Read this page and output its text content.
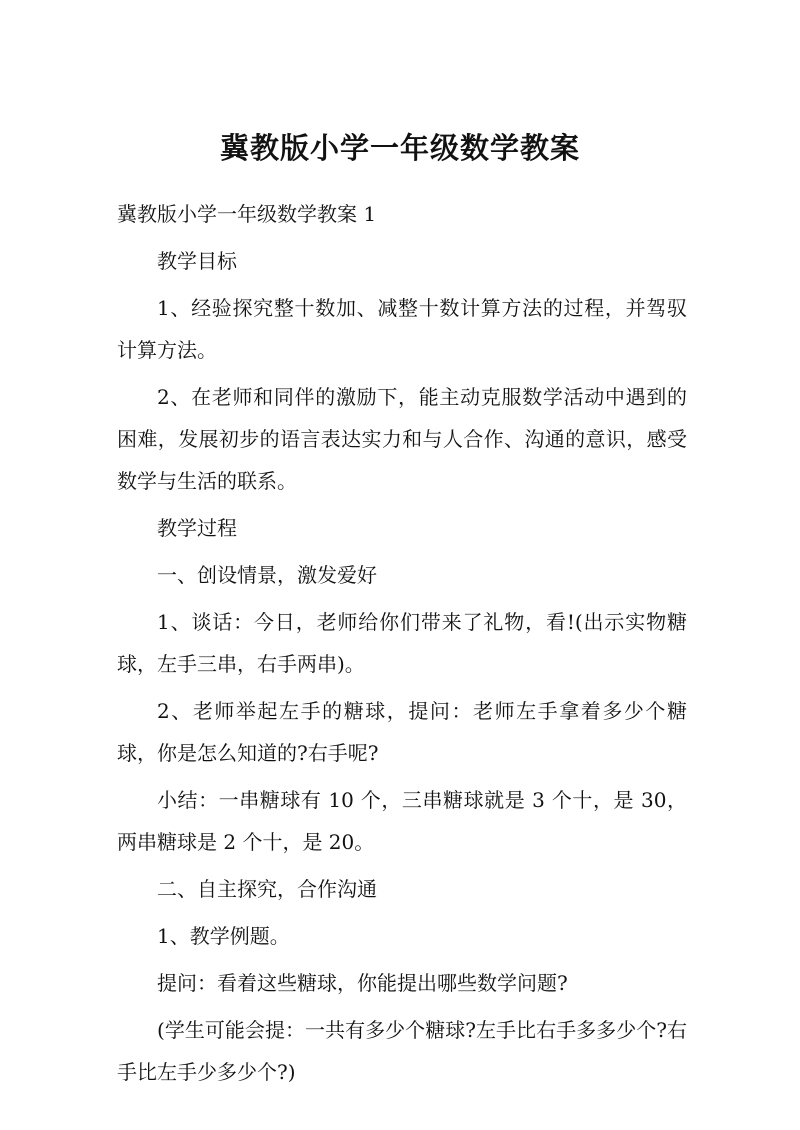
冀教版小学一年级数学教案

冀教版小学一年级数学教案 1

教学目标

1、经验探究整十数加、减整十数计算方法的过程，并驾驭计算方法。

2、在老师和同伴的激励下，能主动克服数学活动中遇到的困难，发展初步的语言表达实力和与人合作、沟通的意识，感受数学与生活的联系。

教学过程

一、创设情景，激发爱好

1、谈话：今日，老师给你们带来了礼物，看!(出示实物糖球，左手三串，右手两串)。

2、老师举起左手的糖球，提问：老师左手拿着多少个糖球，你是怎么知道的?右手呢?

小结：一串糖球有 10 个，三串糖球就是 3 个十，是 30，两串糖球是 2 个十，是 20。

二、自主探究，合作沟通

1、教学例题。

提问：看着这些糖球，你能提出哪些数学问题?

(学生可能会提：一共有多少个糖球?左手比右手多多少个?右手比左手少多少个?)
